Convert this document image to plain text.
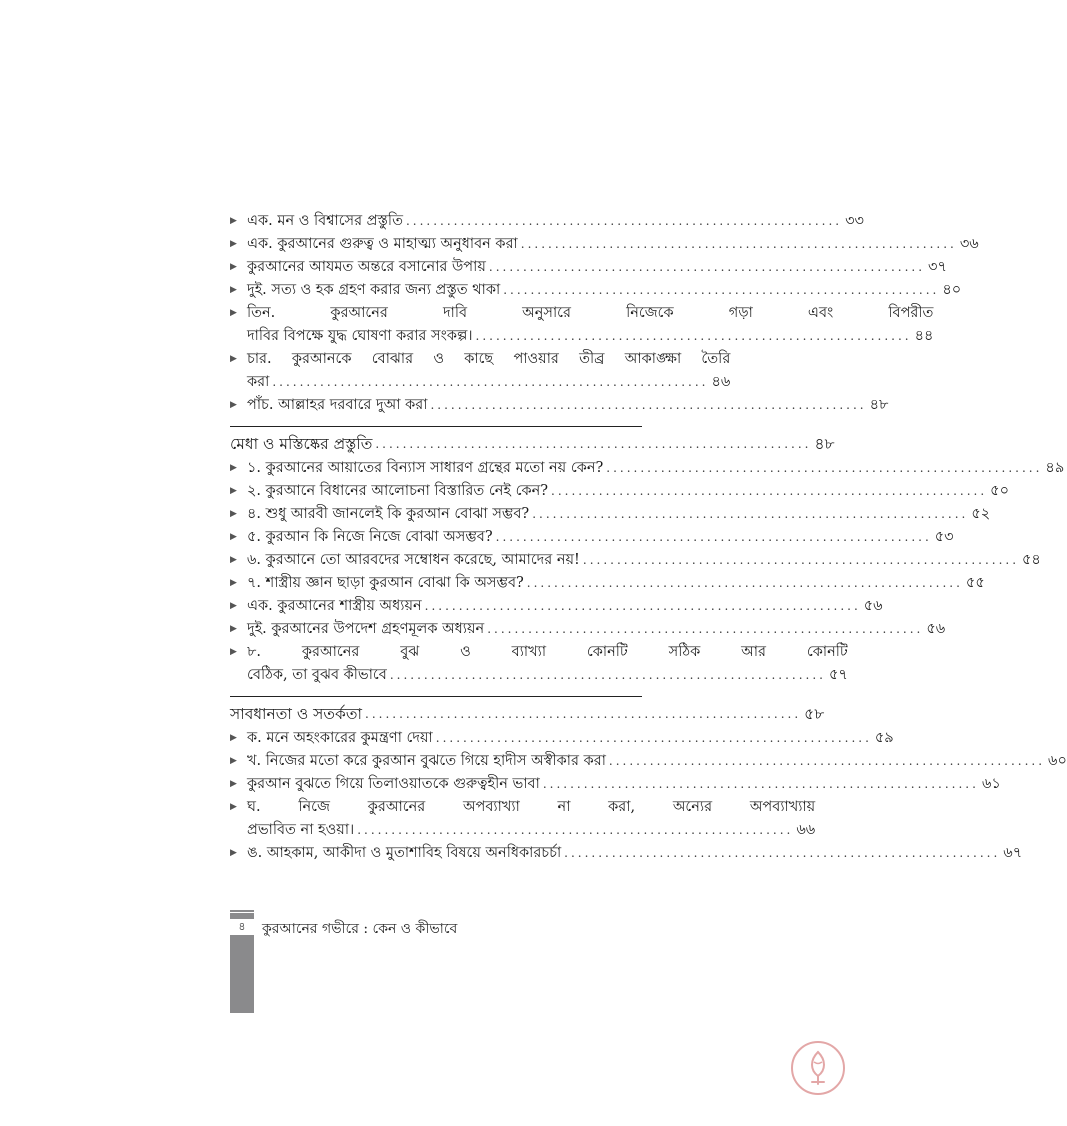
▶ এক. মন ও বিশ্বাসের প্রস্তুতি ................................................................ ৩৩
▶ এক. কুরআনের গুরুত্ব ও মাহাত্ম্য অনুধাবন করা ................................................................ ৩৬
▶ কুরআনের আযমত অন্তরে বসানোর উপায় ................................................................ ৩৭
▶ দুই. সত্য ও হক গ্রহণ করার জন্য প্রস্তুত থাকা ................................................................ ৪০
▶ তিন. কুরআনের দাবি অনুসারে নিজেকে গড়া এবং বিপরীত
দাবির বিপক্ষে যুদ্ধ ঘোষণা করার সংকল্প। ................................................................ ৪৪
▶ চার. কুরআনকে বোঝার ও কাছে পাওয়ার তীব্র আকাঙ্ক্ষা তৈরি
করা ................................................................ ৪৬
▶ পাঁচ. আল্লাহর দরবারে দুআ করা ................................................................ ৪৮
মেধা ও মস্তিষ্কের প্রস্তুতি ................................................................ ৪৮
▶ ১. কুরআনের আয়াতের বিন্যাস সাধারণ গ্রন্থের মতো নয় কেন? ................................................................ ৪৯
▶ ২. কুরআনে বিধানের আলোচনা বিস্তারিত নেই কেন? ................................................................ ৫০
▶ ৪. শুধু আরবী জানলেই কি কুরআন বোঝা সম্ভব? ................................................................ ৫২
▶ ৫. কুরআন কি নিজে নিজে বোঝা অসম্ভব? ................................................................ ৫৩
▶ ৬. কুরআনে তো আরবদের সম্বোধন করেছে, আমাদের নয়! ................................................................ ৫৪
▶ ৭. শাস্ত্রীয় জ্ঞান ছাড়া কুরআন বোঝা কি অসম্ভব? ................................................................ ৫৫
▶ এক. কুরআনের শাস্ত্রীয় অধ্যয়ন ................................................................ ৫৬
▶ দুই. কুরআনের উপদেশ গ্রহণমূলক অধ্যয়ন ................................................................ ৫৬
▶ ৮. কুরআনের বুঝ ও ব্যাখ্যা কোনটি সঠিক আর কোনটি
বেঠিক, তা বুঝব কীভাবে ................................................................ ৫৭
সাবধানতা ও সতর্কতা ................................................................ ৫৮
▶ ক. মনে অহংকারের কুমন্ত্রণা দেয়া ................................................................ ৫৯
▶ খ. নিজের মতো করে কুরআন বুঝতে গিয়ে হাদীস অস্বীকার করা ................................................................ ৬০
▶ কুরআন বুঝতে গিয়ে তিলাওয়াতকে গুরুত্বহীন ভাবা ................................................................ ৬১
▶ ঘ. নিজে কুরআনের অপব্যাখ্যা না করা, অন্যের অপব্যাখ্যায়
প্রভাবিত না হওয়া। ................................................................ ৬৬
▶ ঙ. আহকাম, আকীদা ও মুতাশাবিহ বিষয়ে অনধিকারচর্চা ................................................................ ৬৭
৪	কুরআনের গভীরে : কেন ও কীভাবে
